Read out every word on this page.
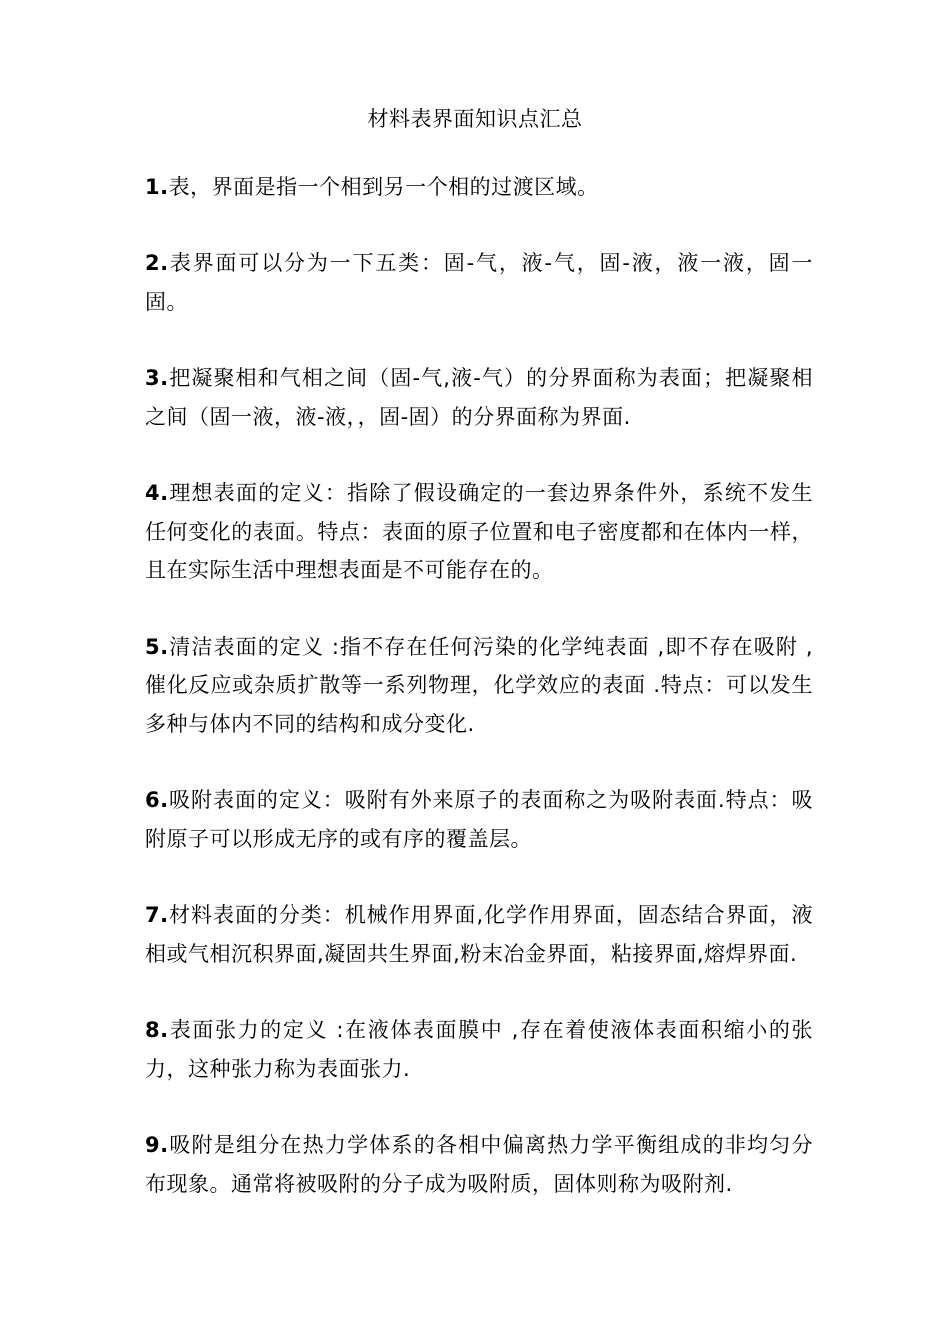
材料表界面知识点汇总
1.表，界面是指一个相到另一个相的过渡区域。
2.表界面可以分为一下五类：固-气，液-气，固-液，液一液，固一固。
3.把凝聚相和气相之间（固-气,液-气）的分界面称为表面；把凝聚相之间（固一液，液-液，，固-固）的分界面称为界面.
4.理想表面的定义：指除了假设确定的一套边界条件外，系统不发生任何变化的表面。特点：表面的原子位置和电子密度都和在体内一样，且在实际生活中理想表面是不可能存在的。
5.清洁表面的定义 :指不存在任何污染的化学纯表面 ,即不存在吸附 ,催化反应或杂质扩散等一系列物理，化学效应的表面 .特点：可以发生多种与体内不同的结构和成分变化.
6.吸附表面的定义：吸附有外来原子的表面称之为吸附表面.特点：吸附原子可以形成无序的或有序的覆盖层。
7.材料表面的分类：机械作用界面,化学作用界面，固态结合界面，液相或气相沉积界面,凝固共生界面,粉末冶金界面，粘接界面,熔焊界面.
8.表面张力的定义 :在液体表面膜中 ,存在着使液体表面积缩小的张力，这种张力称为表面张力.
9.吸附是组分在热力学体系的各相中偏离热力学平衡组成的非均匀分布现象。通常将被吸附的分子成为吸附质，固体则称为吸附剂.
